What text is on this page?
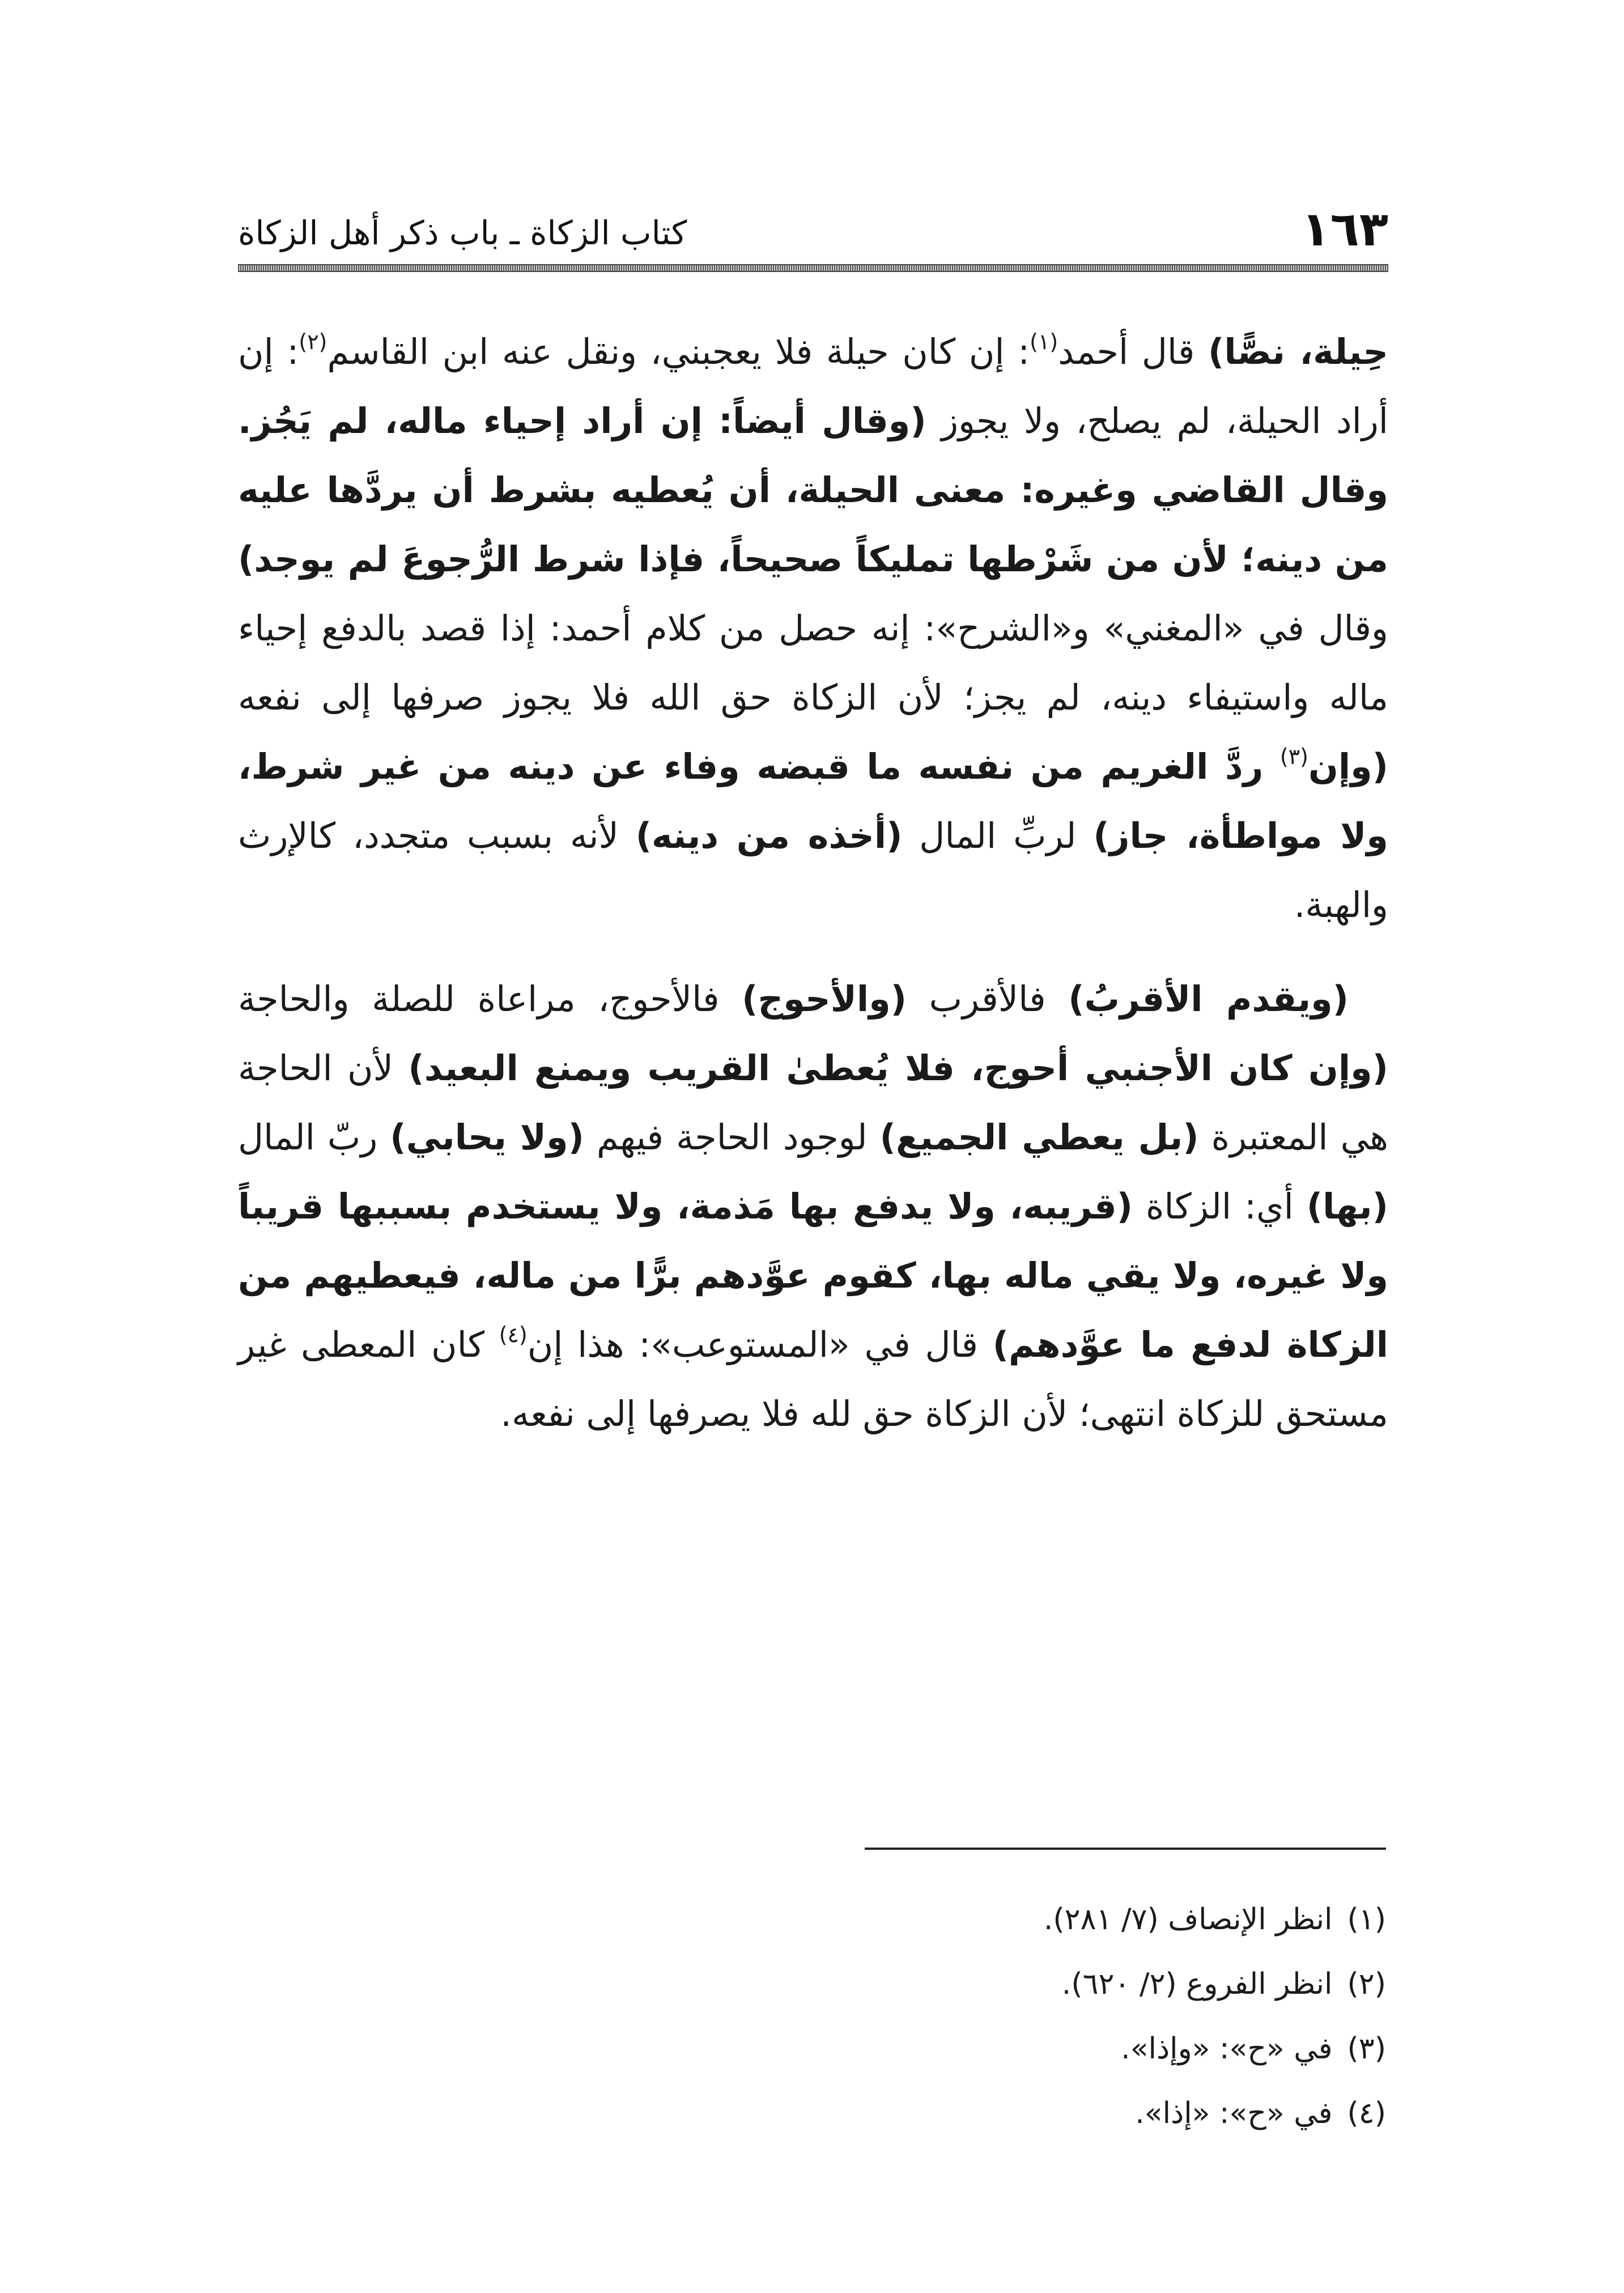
١٦٣
كتاب الزكاة ـ باب ذكر أهل الزكاة

حِيلة، نصًّا) قال أحمد$^{(١)}$: إن كان حيلة فلا يعجبني، ونقل عنه ابن القاسم$^{(٢)}$: إن أراد الحيلة، لم يصلح، ولا يجوز (وقال أيضاً: إن أراد إحياء ماله، لم يَجُز. وقال القاضي وغيره: معنى الحيلة، أن يُعطيه بشرط أن يردَّها عليه من دينه؛ لأن من شَرْطها تمليكاً صحيحاً، فإذا شرط الرُّجوعَ لم يوجد) وقال في «المغني» و«الشرح»: إنه حصل من كلام أحمد: إذا قصد بالدفع إحياء ماله واستيفاء دينه، لم يجز؛ لأن الزكاة حق الله فلا يجوز صرفها إلى نفعه (وإن$^{(٣)}$ ردَّ الغريم من نفسه ما قبضه وفاء عن دينه من غير شرط، ولا مواطأة، جاز) لربِّ المال (أخذه من دينه) لأنه بسبب متجدد، كالإرث والهبة.

(ويقدم الأقربُ) فالأقرب (والأحوج) فالأحوج، مراعاة للصلة والحاجة (وإن كان الأجنبي أحوج، فلا يُعطىٰ القريب ويمنع البعيد) لأن الحاجة هي المعتبرة (بل يعطي الجميع) لوجود الحاجة فيهم (ولا يحابي) ربّ المال (بها) أي: الزكاة (قريبه، ولا يدفع بها مَذمة، ولا يستخدم بسببها قريباً ولا غيره، ولا يقي ماله بها، كقوم عوَّدهم برًّا من ماله، فيعطيهم من الزكاة لدفع ما عوَّدهم) قال في «المستوعب»: هذا إن$^{(٤)}$ كان المعطى غير مستحق للزكاة انتهى؛ لأن الزكاة حق لله فلا يصرفها إلى نفعه.

(١)انظر الإنصاف (٧/ ٢٨١).
(٢)انظر الفروع (٢/ ٦٢٠).
(٣)في «ح»: «وإذا».
(٤)في «ح»: «إذا».
